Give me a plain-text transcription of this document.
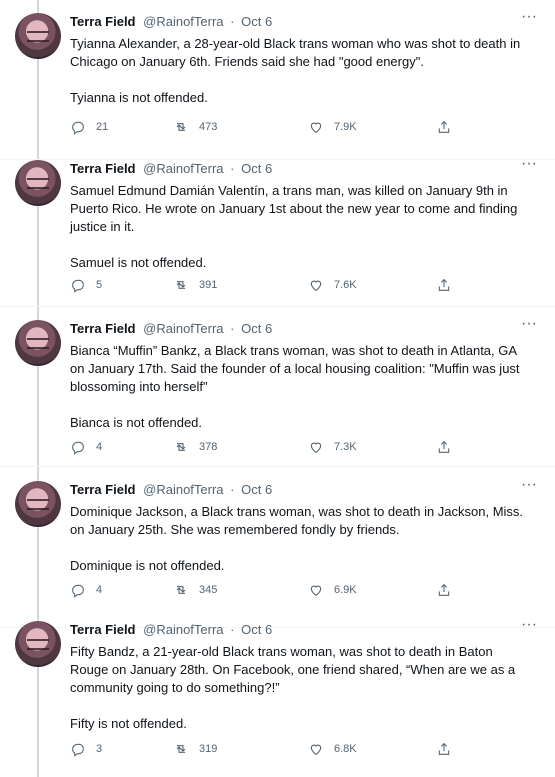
···
Terra Field @RainofTerra · Oct 6
Tyianna Alexander, a 28-year-old Black trans woman who was shot to death in Chicago on January 6th. Friends said she had "good energy".

Tyianna is not offended.
21	473	7.9K
···
Terra Field @RainofTerra · Oct 6
Samuel Edmund Damián Valentín, a trans man, was killed on January 9th in Puerto Rico. He wrote on January 1st about the new year to come and finding justice in it.

Samuel is not offended.
5	391	7.6K
···
Terra Field @RainofTerra · Oct 6
Bianca “Muffin” Bankz, a Black trans woman, was shot to death in Atlanta, GA on January 17th. Said the founder of a local housing coalition: "Muffin was just blossoming into herself"

Bianca is not offended.
4	378	7.3K
···
Terra Field @RainofTerra · Oct 6
Dominique Jackson, a Black trans woman, was shot to death in Jackson, Miss. on January 25th. She was remembered fondly by friends.

Dominique is not offended.
4	345	6.9K
···
Terra Field @RainofTerra · Oct 6
Fifty Bandz, a 21-year-old Black trans woman, was shot to death in Baton Rouge on January 28th. On Facebook, one friend shared, “When are we as a community going to do something?!”

Fifty is not offended.
3	319	6.8K
